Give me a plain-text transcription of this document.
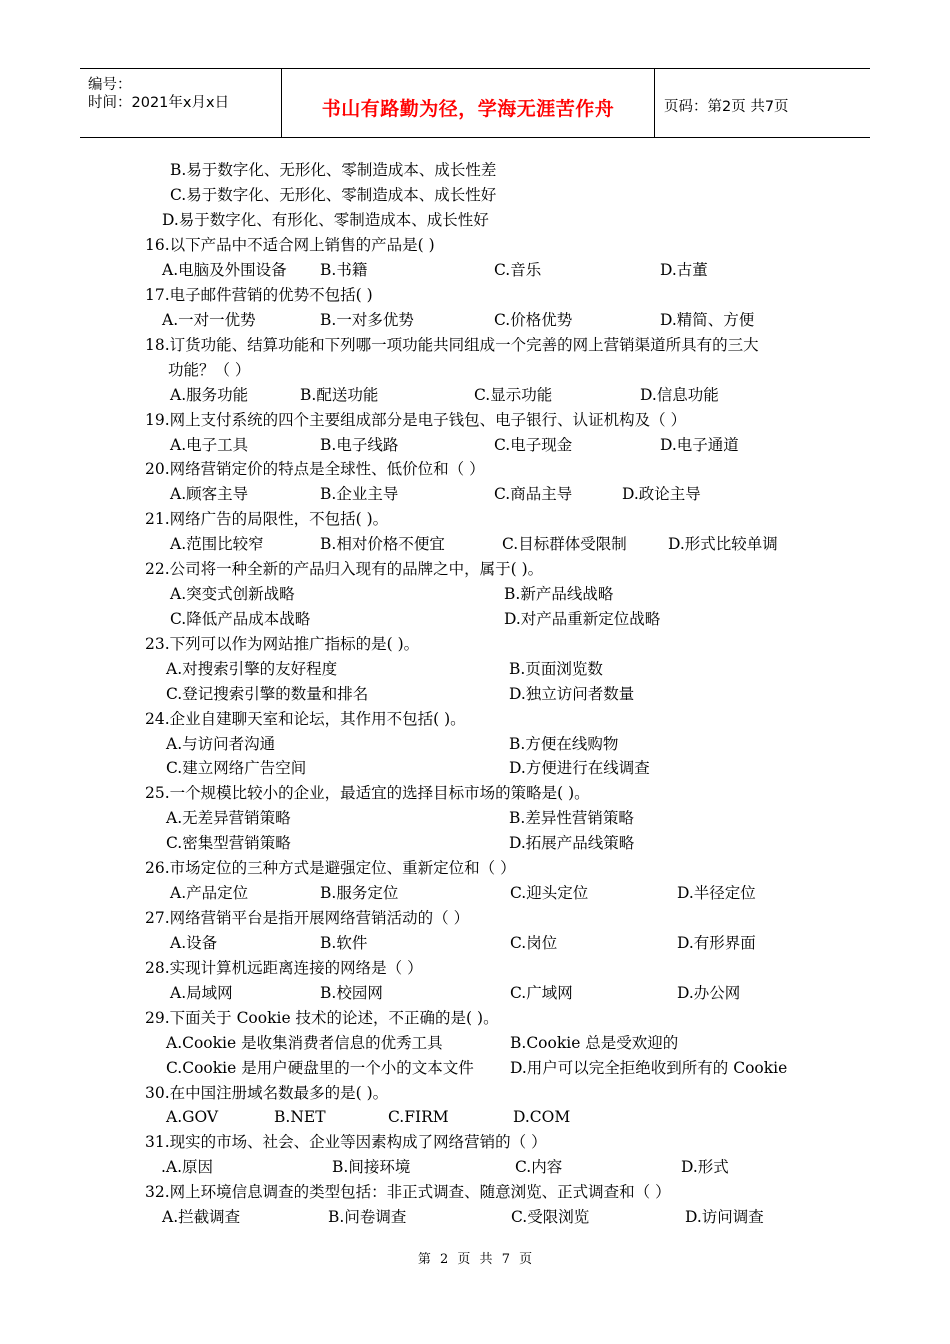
编号：
时间：2021年x月x日	书山有路勤为径，学海无涯苦作舟	页码：第2页 共7页
B.易于数字化、无形化、零制造成本、成长性差
C.易于数字化、无形化、零制造成本、成长性好
D.易于数字化、有形化、零制造成本、成长性好
16.以下产品中不适合网上销售的产品是( )
A.电脑及外围设备 B.书籍	C.音乐	D.古董
17.电子邮件营销的优势不包括( )
A.一对一优势	B.一对多优势	C.价格优势	D.精简、方便
18.订货功能、结算功能和下列哪一项功能共同组成一个完善的网上营销渠道所具有的三大
功能？（ ）
A.服务功能	B.配送功能	C.显示功能	D.信息功能
19.网上支付系统的四个主要组成部分是电子钱包、电子银行、认证机构及（ ）
A.电子工具	B.电子线路	C.电子现金	D.电子通道
20.网络营销定价的特点是全球性、低价位和（ ）
A.顾客主导	B.企业主导	C.商品主导	D.政论主导
21.网络广告的局限性，不包括( )。
A.范围比较窄	B.相对价格不便宜	C.目标群体受限制	D.形式比较单调
22.公司将一种全新的产品归入现有的品牌之中，属于( )。
A.突变式创新战略	B.新产品线战略
C.降低产品成本战略	D.对产品重新定位战略
23.下列可以作为网站推广指标的是( )。
A.对搜索引擎的友好程度	B.页面浏览数
C.登记搜索引擎的数量和排名	D.独立访问者数量
24.企业自建聊天室和论坛，其作用不包括( )。
A.与访问者沟通	B.方便在线购物
C.建立网络广告空间	D.方便进行在线调查
25.一个规模比较小的企业，最适宜的选择目标市场的策略是( )。
A.无差异营销策略	B.差异性营销策略
C.密集型营销策略	D.拓展产品线策略
26.市场定位的三种方式是避强定位、重新定位和（ ）
A.产品定位	B.服务定位	C.迎头定位	D.半径定位
27.网络营销平台是指开展网络营销活动的（ ）
A.设备	B.软件	C.岗位	D.有形界面
28.实现计算机远距离连接的网络是（ ）
A.局域网	B.校园网	C.广域网	D.办公网
29.下面关于 Cookie 技术的论述，不正确的是( )。
A.Cookie 是收集消费者信息的优秀工具	B.Cookie 总是受欢迎的
C.Cookie 是用户硬盘里的一个小的文本文件 D.用户可以完全拒绝收到所有的 Cookie
30.在中国注册域名数最多的是( )。
A.GOV	B.NET	C.FIRM	D.COM
31.现实的市场、社会、企业等因素构成了网络营销的（ ）
.A.原因	B.间接环境	C.内容	D.形式
32.网上环境信息调查的类型包括：非正式调查、随意浏览、正式调查和（ ）
A.拦截调查	B.问卷调查	C.受限浏览	D.访问调查
第 2 页 共 7 页
